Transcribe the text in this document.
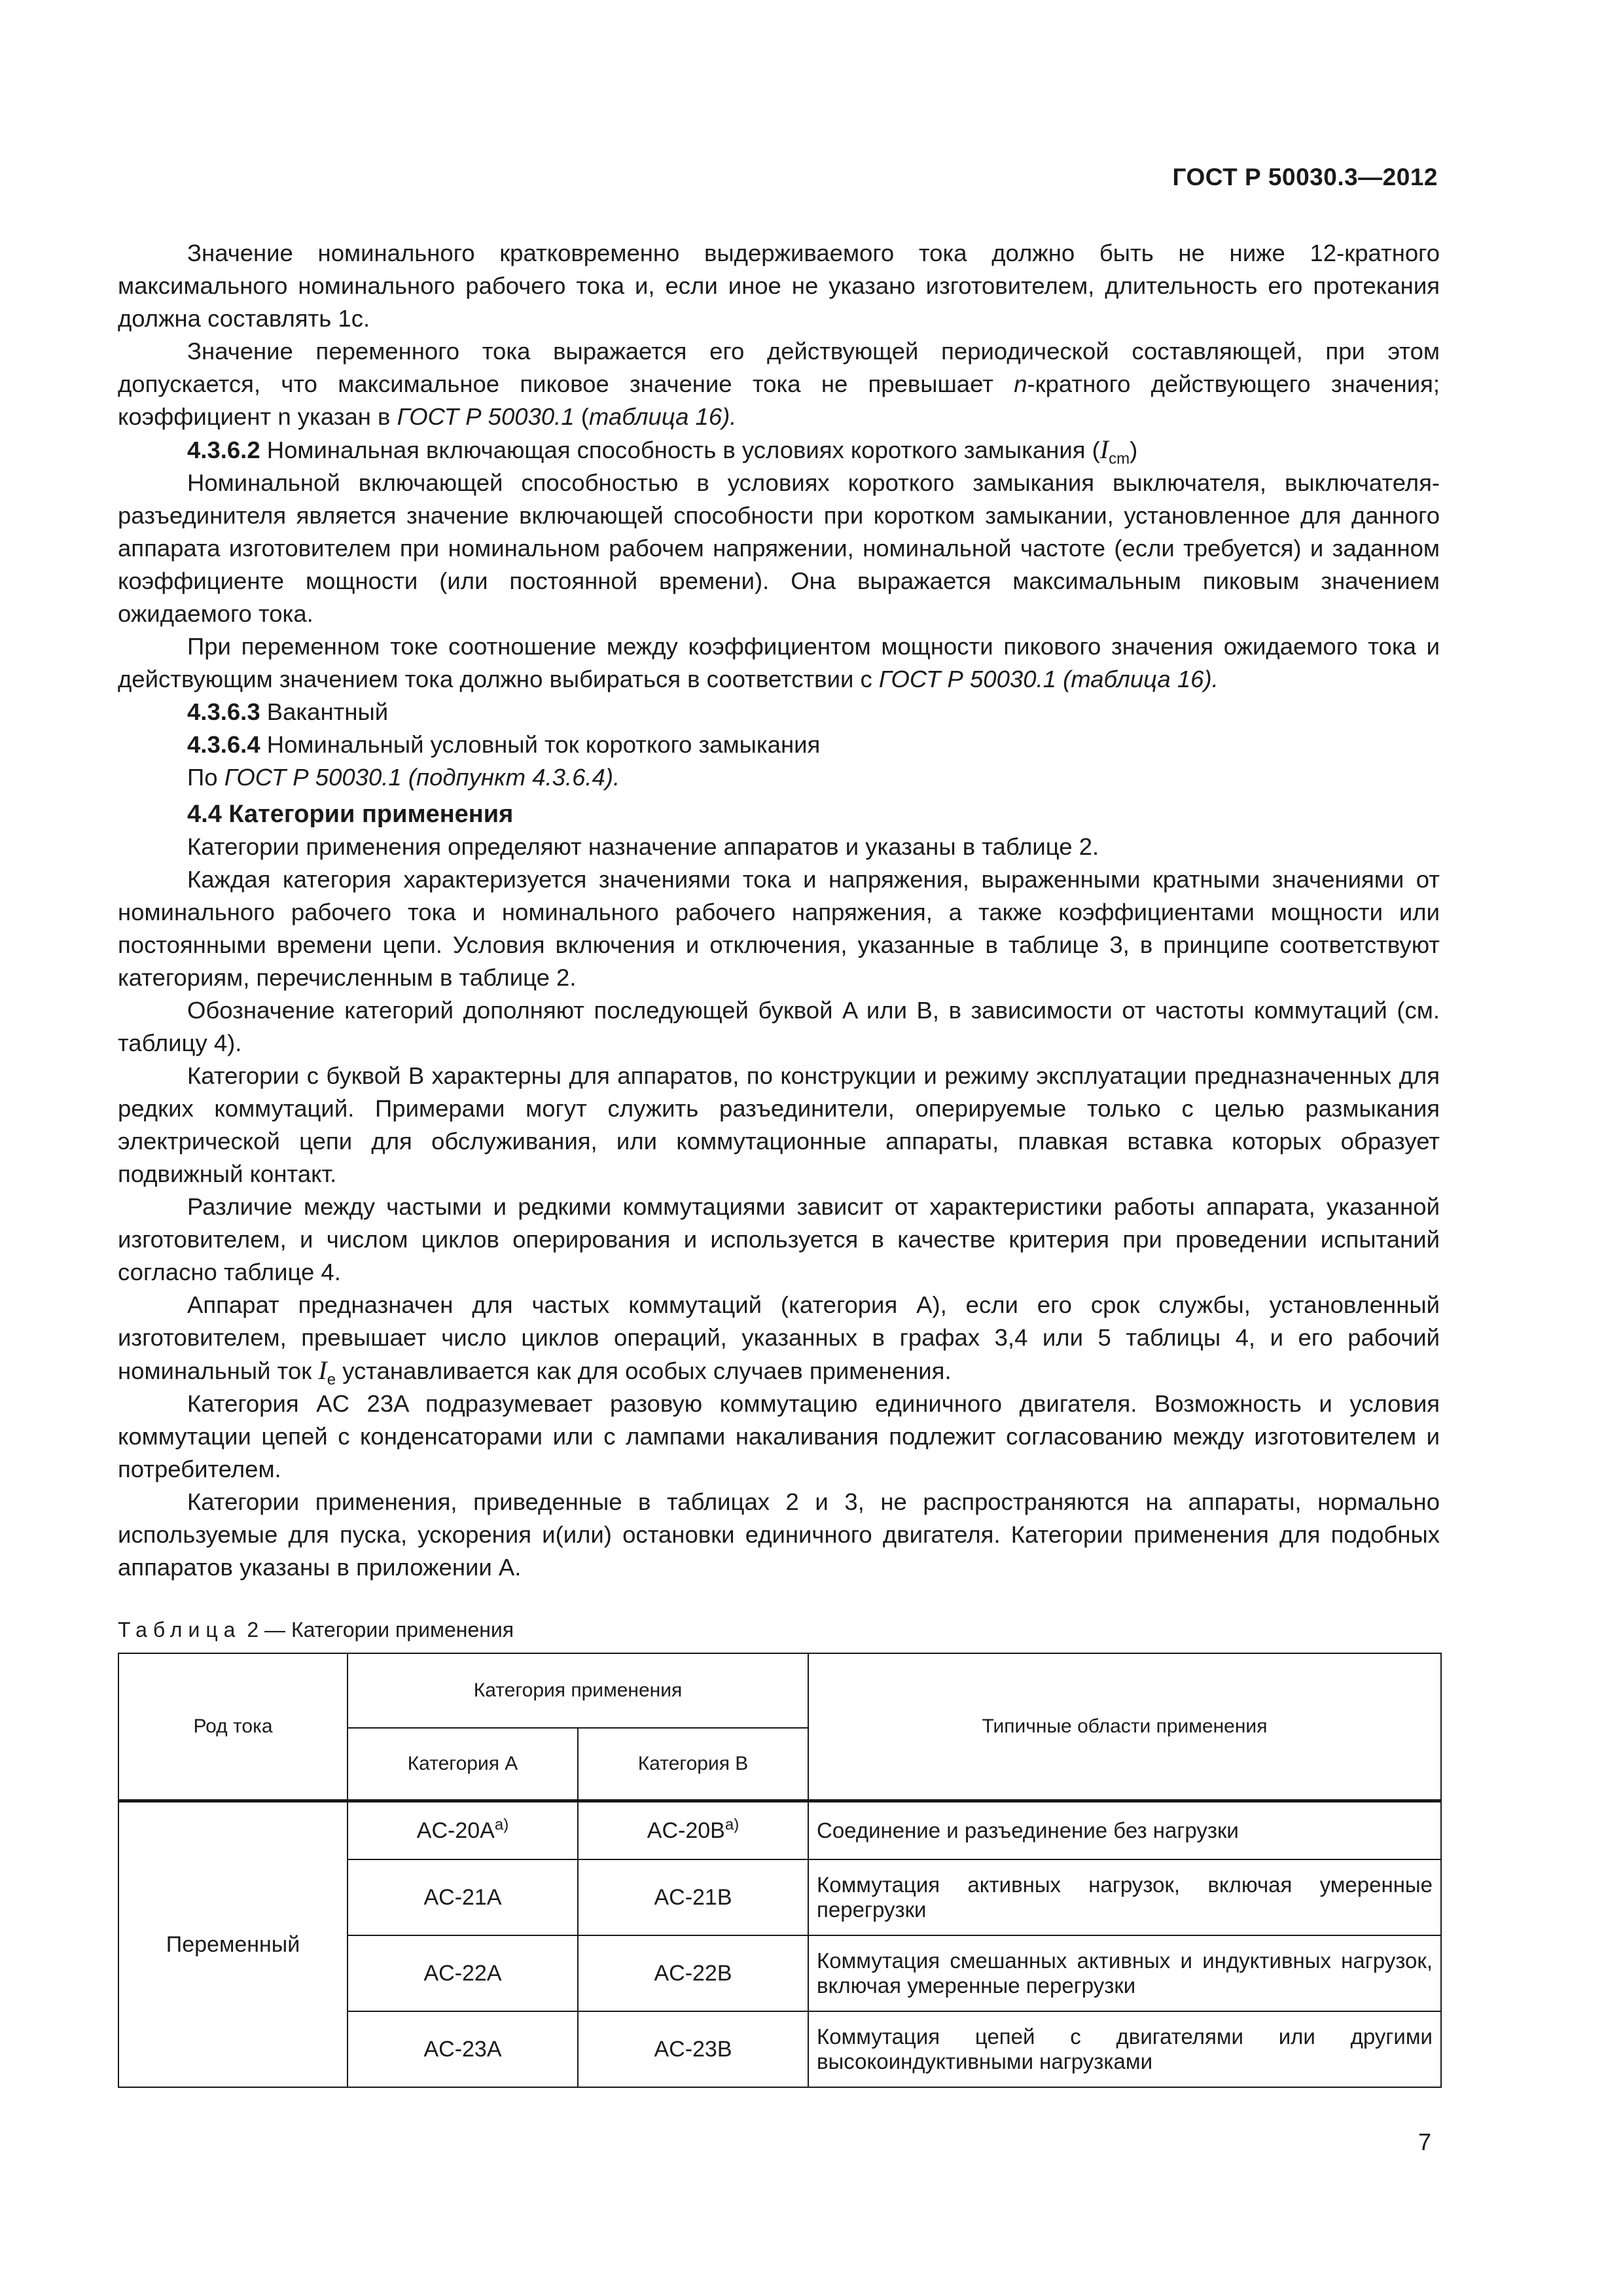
ГОСТ Р 50030.3—2012

Значение номинального кратковременно выдерживаемого тока должно быть не ниже 12-кратного максимального номинального рабочего тока и, если иное не указано изготовителем, длительность его протекания должна составлять 1с.

Значение переменного тока выражается его действующей периодической составляющей, при этом допускается, что максимальное пиковое значение тока не превышает n-кратного действующего значения; коэффициент n указан в ГОСТ Р 50030.1 (таблица 16).

4.3.6.2 Номинальная включающая способность в условиях короткого замыкания $(I_{cm})$

Номинальной включающей способностью в условиях короткого замыкания выключателя, выключателя-разъединителя является значение включающей способности при коротком замыкании, установленное для данного аппарата изготовителем при номинальном рабочем напряжении, номинальной частоте (если требуется) и заданном коэффициенте мощности (или постоянной времени). Она выражается максимальным пиковым значением ожидаемого тока.

При переменном токе соотношение между коэффициентом мощности пикового значения ожидаемого тока и действующим значением тока должно выбираться в соответствии с ГОСТ Р 50030.1 (таблица 16).

4.3.6.3 Вакантный

4.3.6.4 Номинальный условный ток короткого замыкания

По ГОСТ Р 50030.1 (подпункт 4.3.6.4).

4.4 Категории применения

Категории применения определяют назначение аппаратов и указаны в таблице 2.

Каждая категория характеризуется значениями тока и напряжения, выраженными кратными значениями от номинального рабочего тока и номинального рабочего напряжения, а также коэффициентами мощности или постоянными времени цепи. Условия включения и отключения, указанные в таблице 3, в принципе соответствуют категориям, перечисленным в таблице 2.

Обозначение категорий дополняют последующей буквой A или B, в зависимости от частоты коммутаций (см. таблицу 4).

Категории с буквой B характерны для аппаратов, по конструкции и режиму эксплуатации предназначенных для редких коммутаций. Примерами могут служить разъединители, оперируемые только с целью размыкания электрической цепи для обслуживания, или коммутационные аппараты, плавкая вставка которых образует подвижный контакт.

Различие между частыми и редкими коммутациями зависит от характеристики работы аппарата, указанной изготовителем, и числом циклов оперирования и используется в качестве критерия при проведении испытаний согласно таблице 4.

Аппарат предназначен для частых коммутаций (категория A), если его срок службы, установленный изготовителем, превышает число циклов операций, указанных в графах 3,4 или 5 таблицы 4, и его рабочий номинальный ток $I_e$ устанавливается как для особых случаев применения.

Категория AC 23A подразумевает разовую коммутацию единичного двигателя. Возможность и условия коммутации цепей с конденсаторами или с лампами накаливания подлежит согласованию между изготовителем и потребителем.

Категории применения, приведенные в таблицах 2 и 3, не распространяются на аппараты, нормально используемые для пуска, ускорения и(или) остановки единичного двигателя. Категории применения для подобных аппаратов указаны в приложении A.

Таблица 2 — Категории применения
Род тока	Категория применения		Типичные области применения
	Категория A	Категория B	
Переменный	$AC-20A^{a)}$	$AC-20B^{a)}$	Соединение и разъединение без нагрузки
	AC-21A	AC-21B	Коммутация активных нагрузок, включая умеренные перегрузки
	AC-22A	AC-22B	Коммутация смешанных активных и индуктивных нагрузок, включая умеренные перегрузки
	AC-23A	AC-23B	Коммутация цепей с двигателями или другими высокоиндуктивными нагрузками
7
